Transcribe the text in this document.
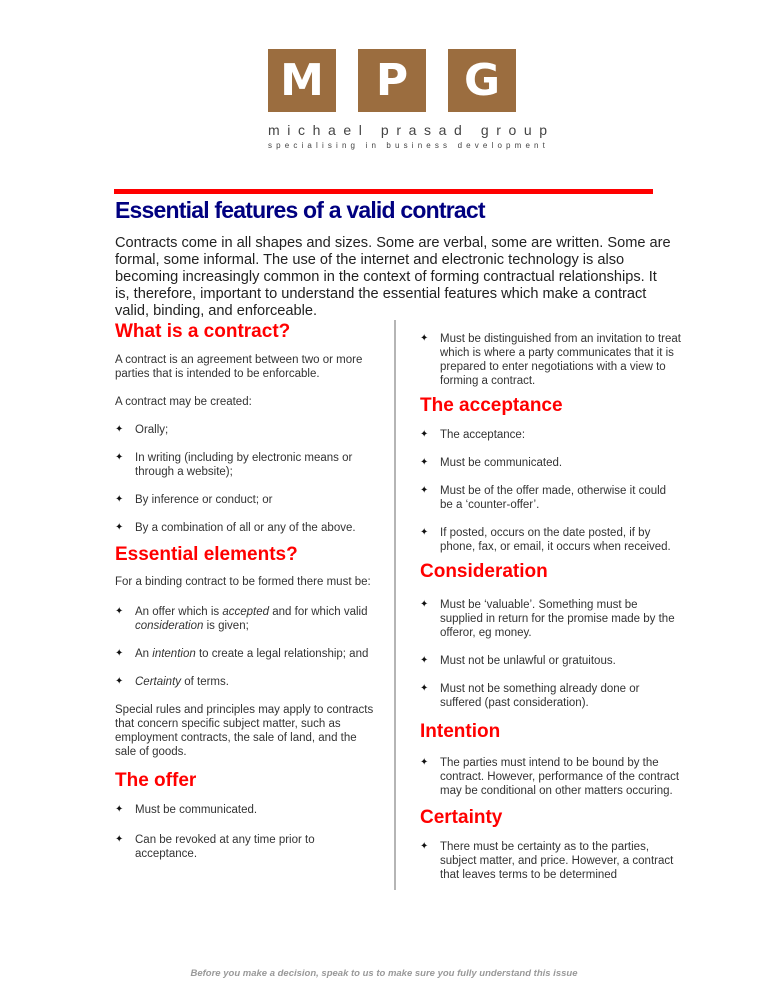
M	P	G
michael prasad group
specialising in business development
Essential features of a valid contract

Contracts come in all shapes and sizes. Some are verbal, some are written. Some are formal, some informal. The use of the internet and electronic technology is also becoming increasingly common in the context of forming contractual relationships. It is, therefore, important to understand the essential features which make a contract valid, binding, and enforceable.

What is a contract?

A contract is an agreement between two or more parties that is intended to be enforcable.

A contract may be created:

✦	Orally;
✦	In writing (including by electronic means or through a website);
✦	By inference or conduct; or
✦	By a combination of all or any of the above.
Essential elements?

For a binding contract to be formed there must be:

✦	An offer which is accepted and for which valid consideration is given;
✦	An intention to create a legal relationship; and
✦	Certainty of terms.

Special rules and principles may apply to contracts that concern specific subject matter, such as employment contracts, the sale of land, and the sale of goods.

The offer
✦	Must be communicated.
✦	Can be revoked at any time prior to acceptance.
✦	Must be distinguished from an invitation to treat which is where a party communicates that it is prepared to enter negotiations with a view to forming a contract.
The acceptance
✦	The acceptance:
✦	Must be communicated.
✦	Must be of the offer made, otherwise it could be a ‘counter-offer’.
✦	If posted, occurs on the date posted, if by phone, fax, or email, it occurs when received.
Consideration
✦	Must be ‘valuable’. Something must be supplied in return for the promise made by the offeror, eg money.
✦	Must not be unlawful or gratuitous.
✦	Must not be something already done or suffered (past consideration).
Intention
✦	The parties must intend to be bound by the contract. However, performance of the contract may be conditional on other matters occuring.
Certainty
✦	There must be certainty as to the parties, subject matter, and price. However, a contract that leaves terms to be determined
Before you make a decision, speak to us to make sure you fully understand this issue
